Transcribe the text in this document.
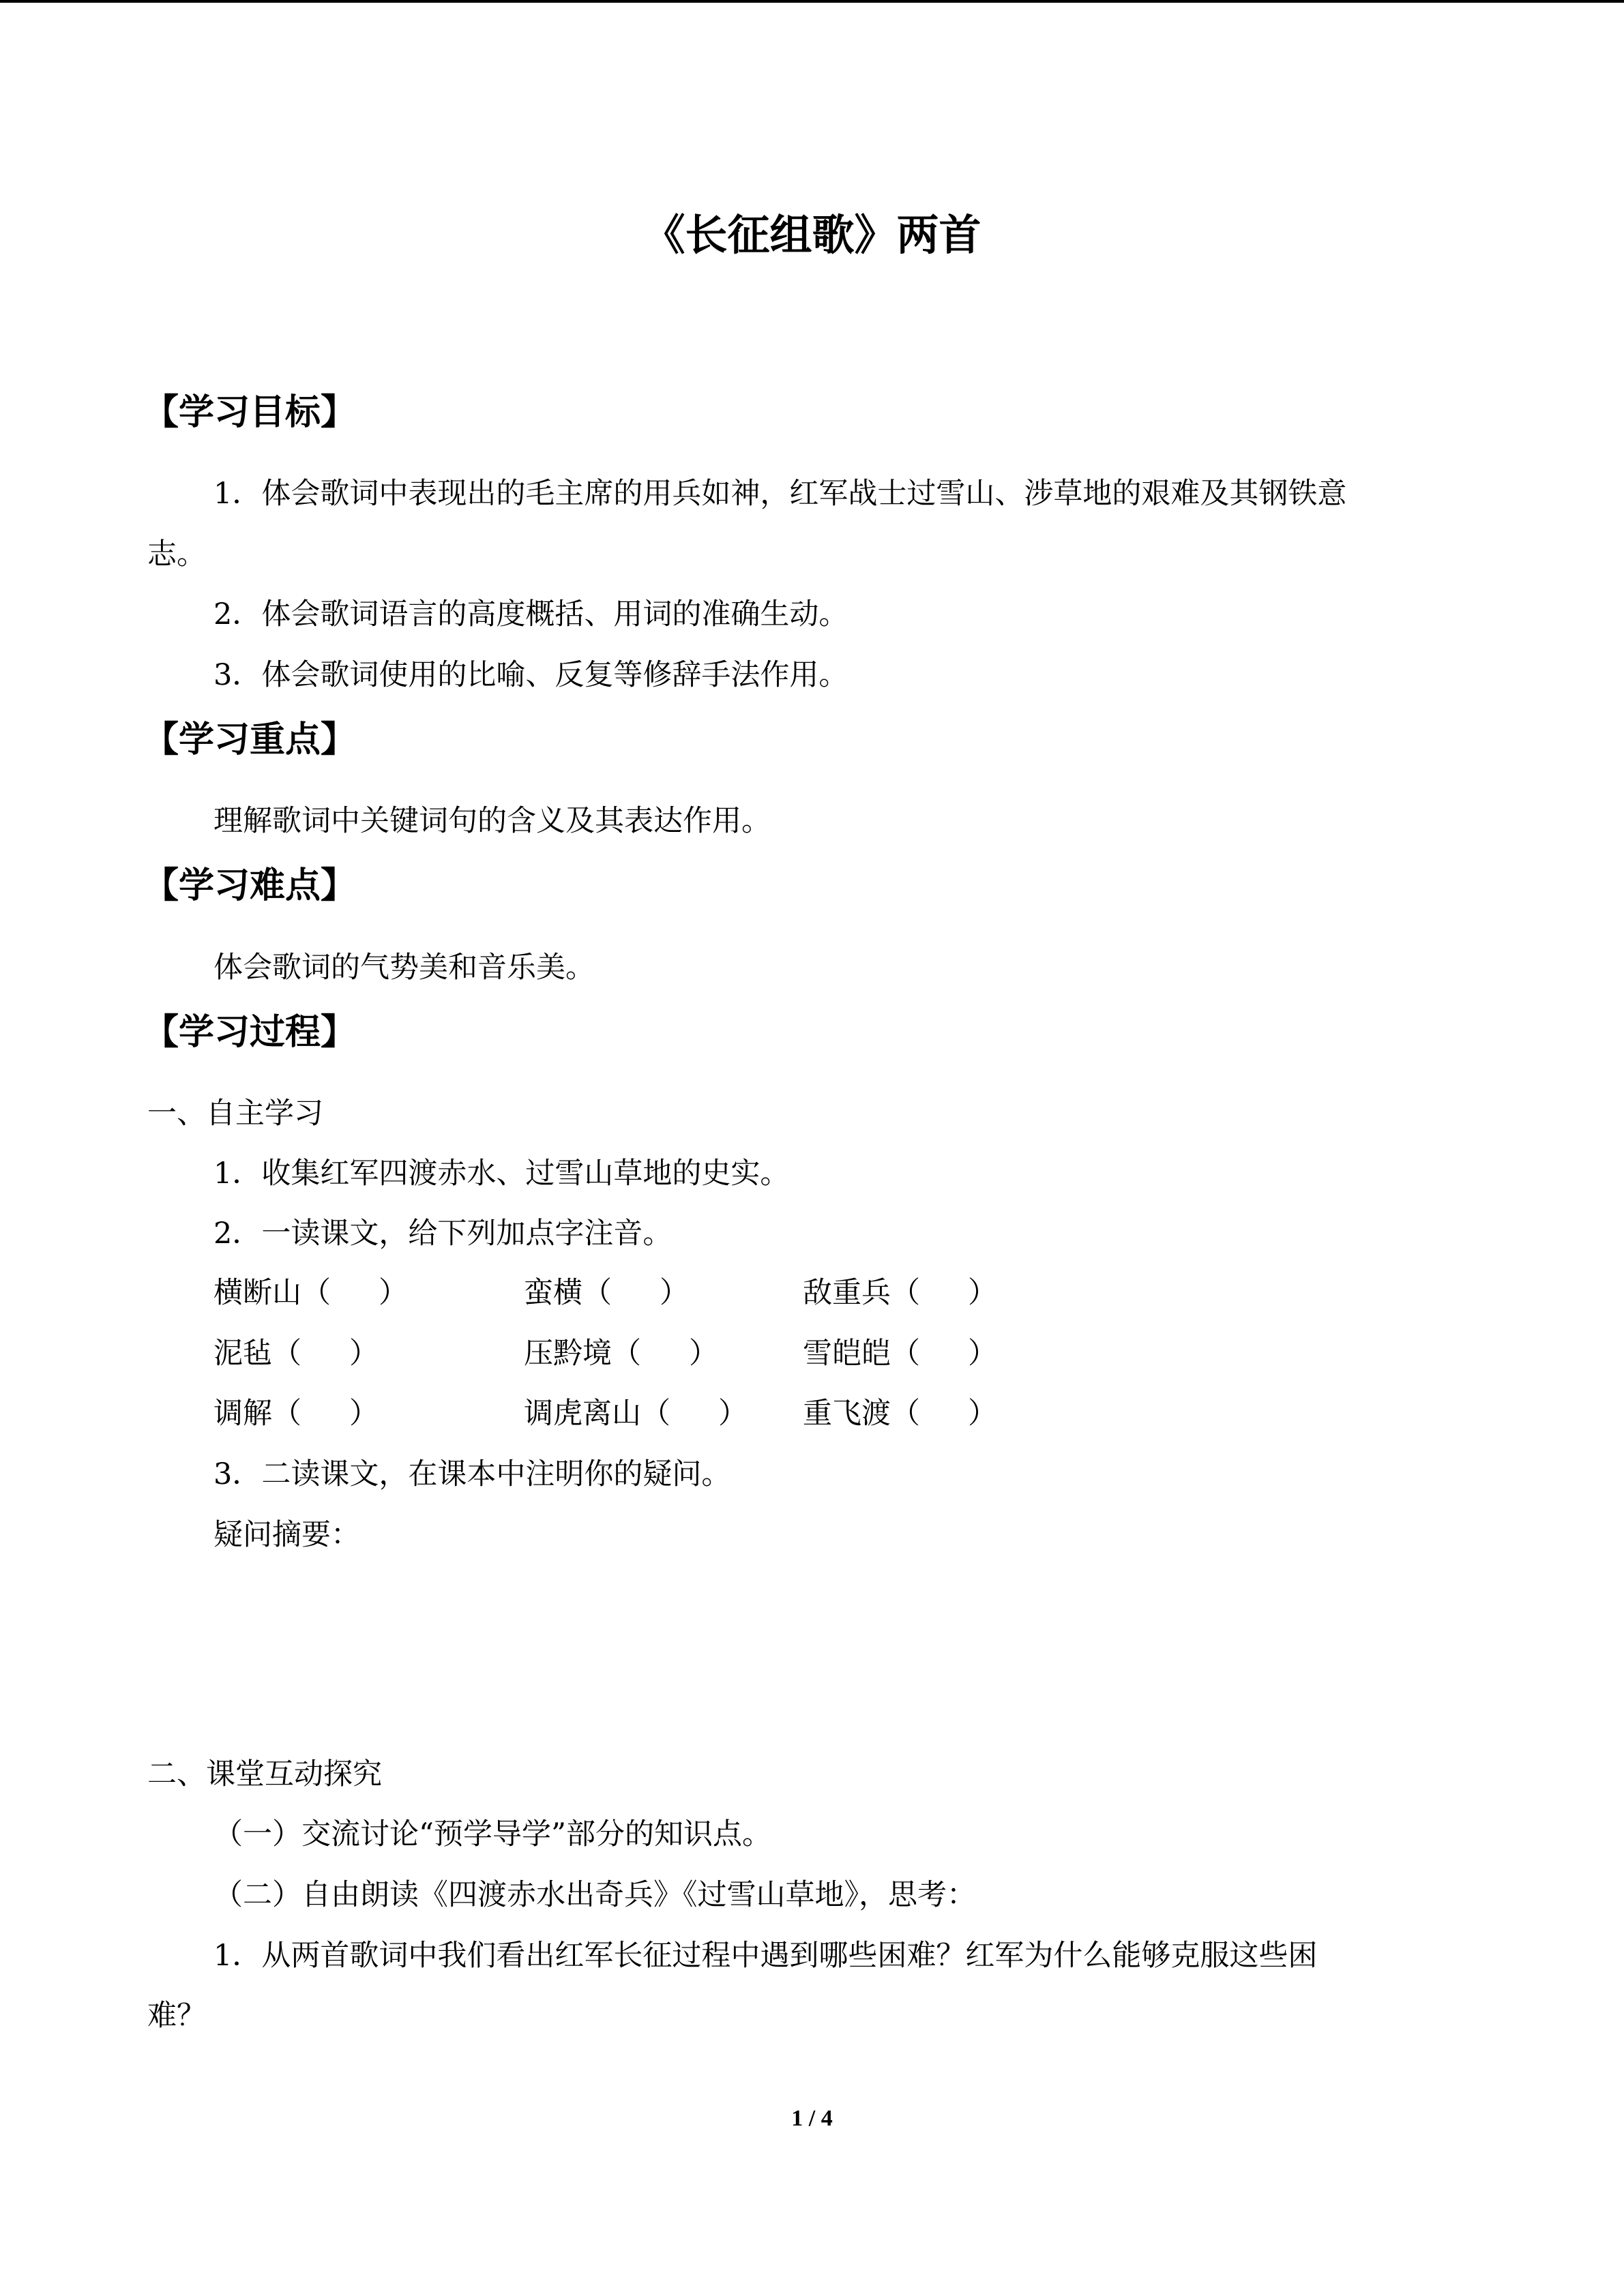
《长征组歌》两首
【学习目标】
1．体会歌词中表现出的毛主席的用兵如神，红军战士过雪山、涉草地的艰难及其钢铁意
志。
2．体会歌词语言的高度概括、用词的准确生动。
3．体会歌词使用的比喻、反复等修辞手法作用。
【学习重点】
理解歌词中关键词句的含义及其表达作用。
【学习难点】
体会歌词的气势美和音乐美。
【学习过程】
一、自主学习
1．收集红军四渡赤水、过雪山草地的史实。
2．一读课文，给下列加点字注音。
横断山（ ）	蛮横（ ）	敌重兵（ ）
泥毡（ ）	压黔境（ ）	雪皑皑（ ）
调解（ ）	调虎离山（ ） 重飞渡（ ）
3．二读课文，在课本中注明你的疑问。
疑问摘要：
二、课堂互动探究
（一）交流讨论“预学导学”部分的知识点。
（二）自由朗读《四渡赤水出奇兵》《过雪山草地》，思考：
1．从两首歌词中我们看出红军长征过程中遇到哪些困难？红军为什么能够克服这些困
难？
1 / 4
